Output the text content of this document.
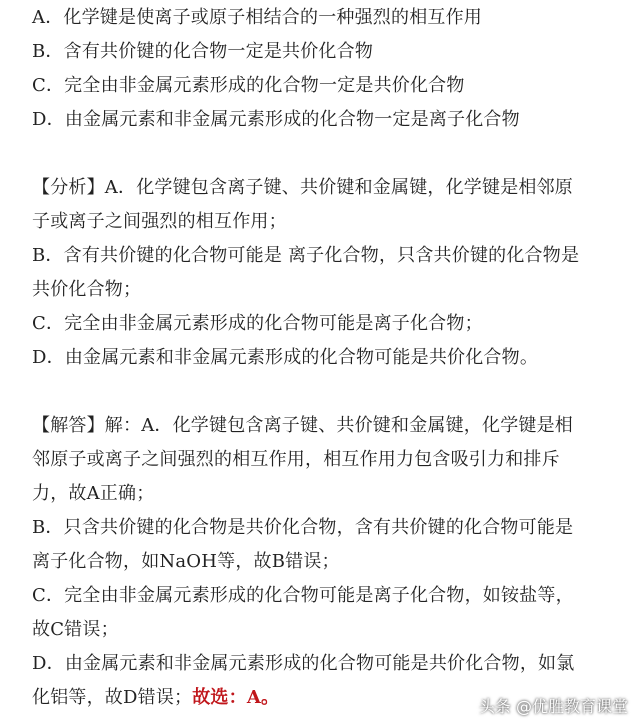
A．化学键是使离子或原子相结合的一种强烈的相互作用
B．含有共价键的化合物一定是共价化合物
C．完全由非金属元素形成的化合物一定是共价化合物
D．由金属元素和非金属元素形成的化合物一定是离子化合物
【分析】A．化学键包含离子键、共价键和金属键，化学键是相邻原
子或离子之间强烈的相互作用；
B．含有共价键的化合物可能是 离子化合物，只含共价键的化合物是
共价化合物；
C．完全由非金属元素形成的化合物可能是离子化合物；
D．由金属元素和非金属元素形成的化合物可能是共价化合物。
【解答】解：A．化学键包含离子键、共价键和金属键，化学键是相
邻原子或离子之间强烈的相互作用，相互作用力包含吸引力和排斥
力，故A正确；
B．只含共价键的化合物是共价化合物，含有共价键的化合物可能是
离子化合物，如NaOH等，故B错误；
C．完全由非金属元素形成的化合物可能是离子化合物，如铵盐等，
故C错误；
D．由金属元素和非金属元素形成的化合物可能是共价化合物，如氯
化铝等，故D错误；故选：A。	头条 @优胜教育课堂
